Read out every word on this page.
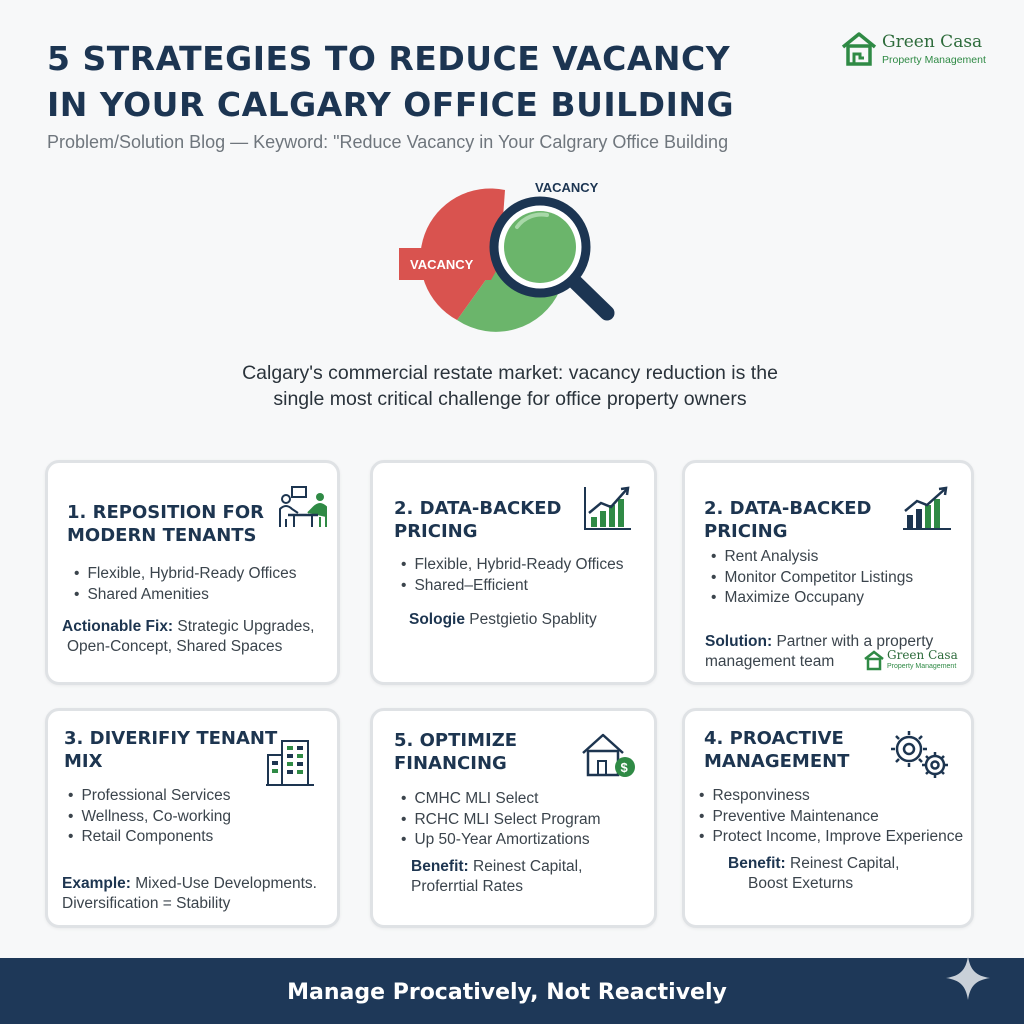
5 STRATEGIES TO REDUCE VACANCY
IN YOUR CALGARY OFFICE BUILDING
Problem/Solution Blog — Keyword: "Reduce Vacancy in Your Calgrary Office Building
Green Casa
Property Management
VACANCY
VACANCY
Calgary's commercial restate market: vacancy reduction is the
single most critical challenge for office property owners
1. REPOSITION FOR
MODERN TENANTS
• Flexible, Hybrid-Ready Offices
• Shared Amenities
Actionable Fix: Strategic Upgrades,
Open-Concept, Shared Spaces
2. DATA-BACKED
PRICING
• Flexible, Hybrid-Ready Offices
• Shared–Efficient
Sologie Pestgietio Spablity
2. DATA-BACKED
PRICING
• Rent Analysis
• Monitor Competitor Listings
• Maximize Occupany
Solution: Partner with a property
management team	Green Casa
Property Management
3. DIVERIFIY TENANT
MIX
• Professional Services
• Wellness, Co-working
• Retail Components
Example: Mixed-Use Developments.
Diversification = Stability
5. OPTIMIZE
FINANCING	$
• CMHC MLI Select
• RCHC MLI Select Program
• Up 50-Year Amortizations
Benefit: Reinest Capital,
Proferrtial Rates
4. PROACTIVE
MANAGEMENT
• Responviness
• Preventive Maintenance
• Protect Income, Improve Experience
Benefit: Reinest Capital,
Boost Exeturns
Manage Procatively, Not Reactively
